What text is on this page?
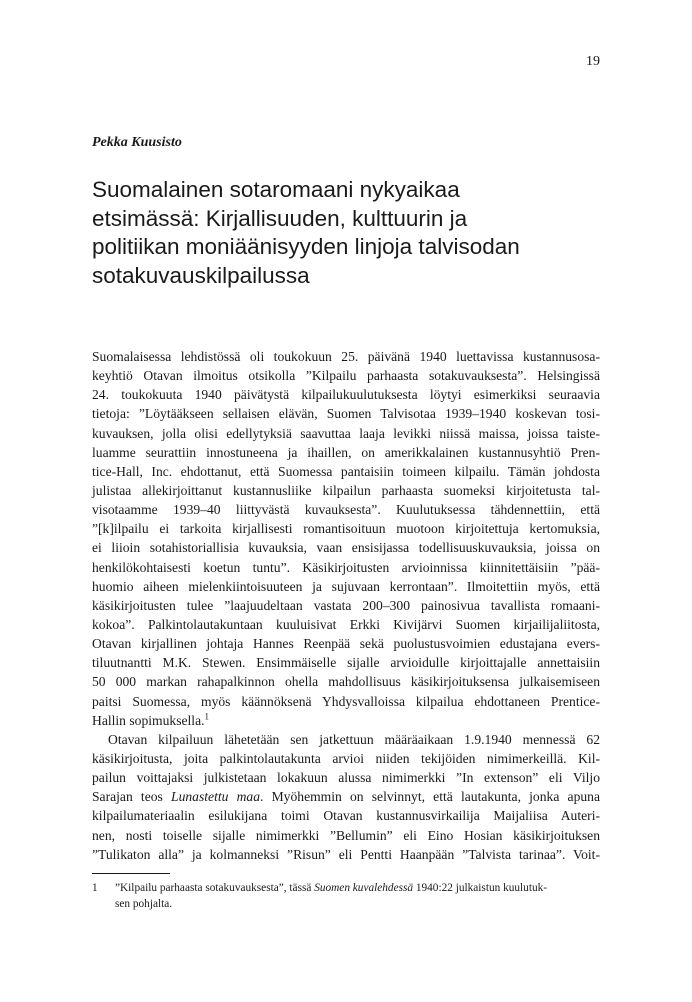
19
Pekka Kuusisto
Suomalainen sotaromaani nykyaikaa
etsimässä: Kirjallisuuden, kulttuurin ja
politiikan moniäänisyyden linjoja talvisodan
sotakuvauskilpailussa

Suomalaisessa lehdistössä oli toukokuun 25. päivänä 1940 luettavissa kustannusosa-
keyhtiö Otavan ilmoitus otsikolla ”Kilpailu parhaasta sotakuvauksesta”. Helsingissä
24. toukokuuta 1940 päivätystä kilpailukuulutuksesta löytyi esimerkiksi seuraavia
tietoja: ”Löytääkseen sellaisen elävän, Suomen Talvisotaa 1939–1940 koskevan tosi-
kuvauksen, jolla olisi edellytyksiä saavuttaa laaja levikki niissä maissa, joissa taiste-
luamme seurattiin innostuneena ja ihaillen, on amerikkalainen kustannusyhtiö Pren-
tice-Hall, Inc. ehdottanut, että Suomessa pantaisiin toimeen kilpailu. Tämän johdosta
julistaa allekirjoittanut kustannusliike kilpailun parhaasta suomeksi kirjoitetusta tal-
visotaamme 1939–40 liittyvästä kuvauksesta”. Kuulutuksessa tähdennettiin, että
”[k]ilpailu ei tarkoita kirjallisesti romantisoituun muotoon kirjoitettuja kertomuksia,
ei liioin sotahistoriallisia kuvauksia, vaan ensisijassa todellisuuskuvauksia, joissa on
henkilökohtaisesti koetun tuntu”. Käsikirjoitusten arvioinnissa kiinnitettäisiin ”pää-
huomio aiheen mielenkiintoisuuteen ja sujuvaan kerrontaan”. Ilmoitettiin myös, että
käsikirjoitusten tulee ”laajuudeltaan vastata 200–300 painosivua tavallista romaani-
kokoa”. Palkintolautakuntaan kuuluisivat Erkki Kivijärvi Suomen kirjailijaliitosta,
Otavan kirjallinen johtaja Hannes Reenpää sekä puolustusvoimien edustajana evers-
tiluutnantti M.K. Stewen. Ensimmäiselle sijalle arvioidulle kirjoittajalle annettaisiin
50 000 markan rahapalkinnon ohella mahdollisuus käsikirjoituksensa julkaisemiseen
paitsi Suomessa, myös käännöksenä Yhdysvalloissa kilpailua ehdottaneen Prentice-
Hallin sopimuksella.$^1$

Otavan kilpailuun lähetetään sen jatkettuun määräaikaan 1.9.1940 mennessä 62
käsikirjoitusta, joita palkintolautakunta arvioi niiden tekijöiden nimimerkeillä. Kil-
pailun voittajaksi julkistetaan lokakuun alussa nimimerkki ”In extenson” eli Viljo
Sarajan teos Lunastettu maa. Myöhemmin on selvinnyt, että lautakunta, jonka apuna
kilpailumateriaalin esilukijana toimi Otavan kustannusvirkailija Maijaliisa Auteri-
nen, nosti toiselle sijalle nimimerkki ”Bellumin” eli Eino Hosian käsikirjoituksen
”Tulikaton alla” ja kolmanneksi ”Risun” eli Pentti Haanpään ”Talvista tarinaa”. Voit-

1 ”Kilpailu parhaasta sotakuvauksesta”, tässä Suomen kuvalehdessä 1940:22 julkaistun kuulutuk-
sen pohjalta.
